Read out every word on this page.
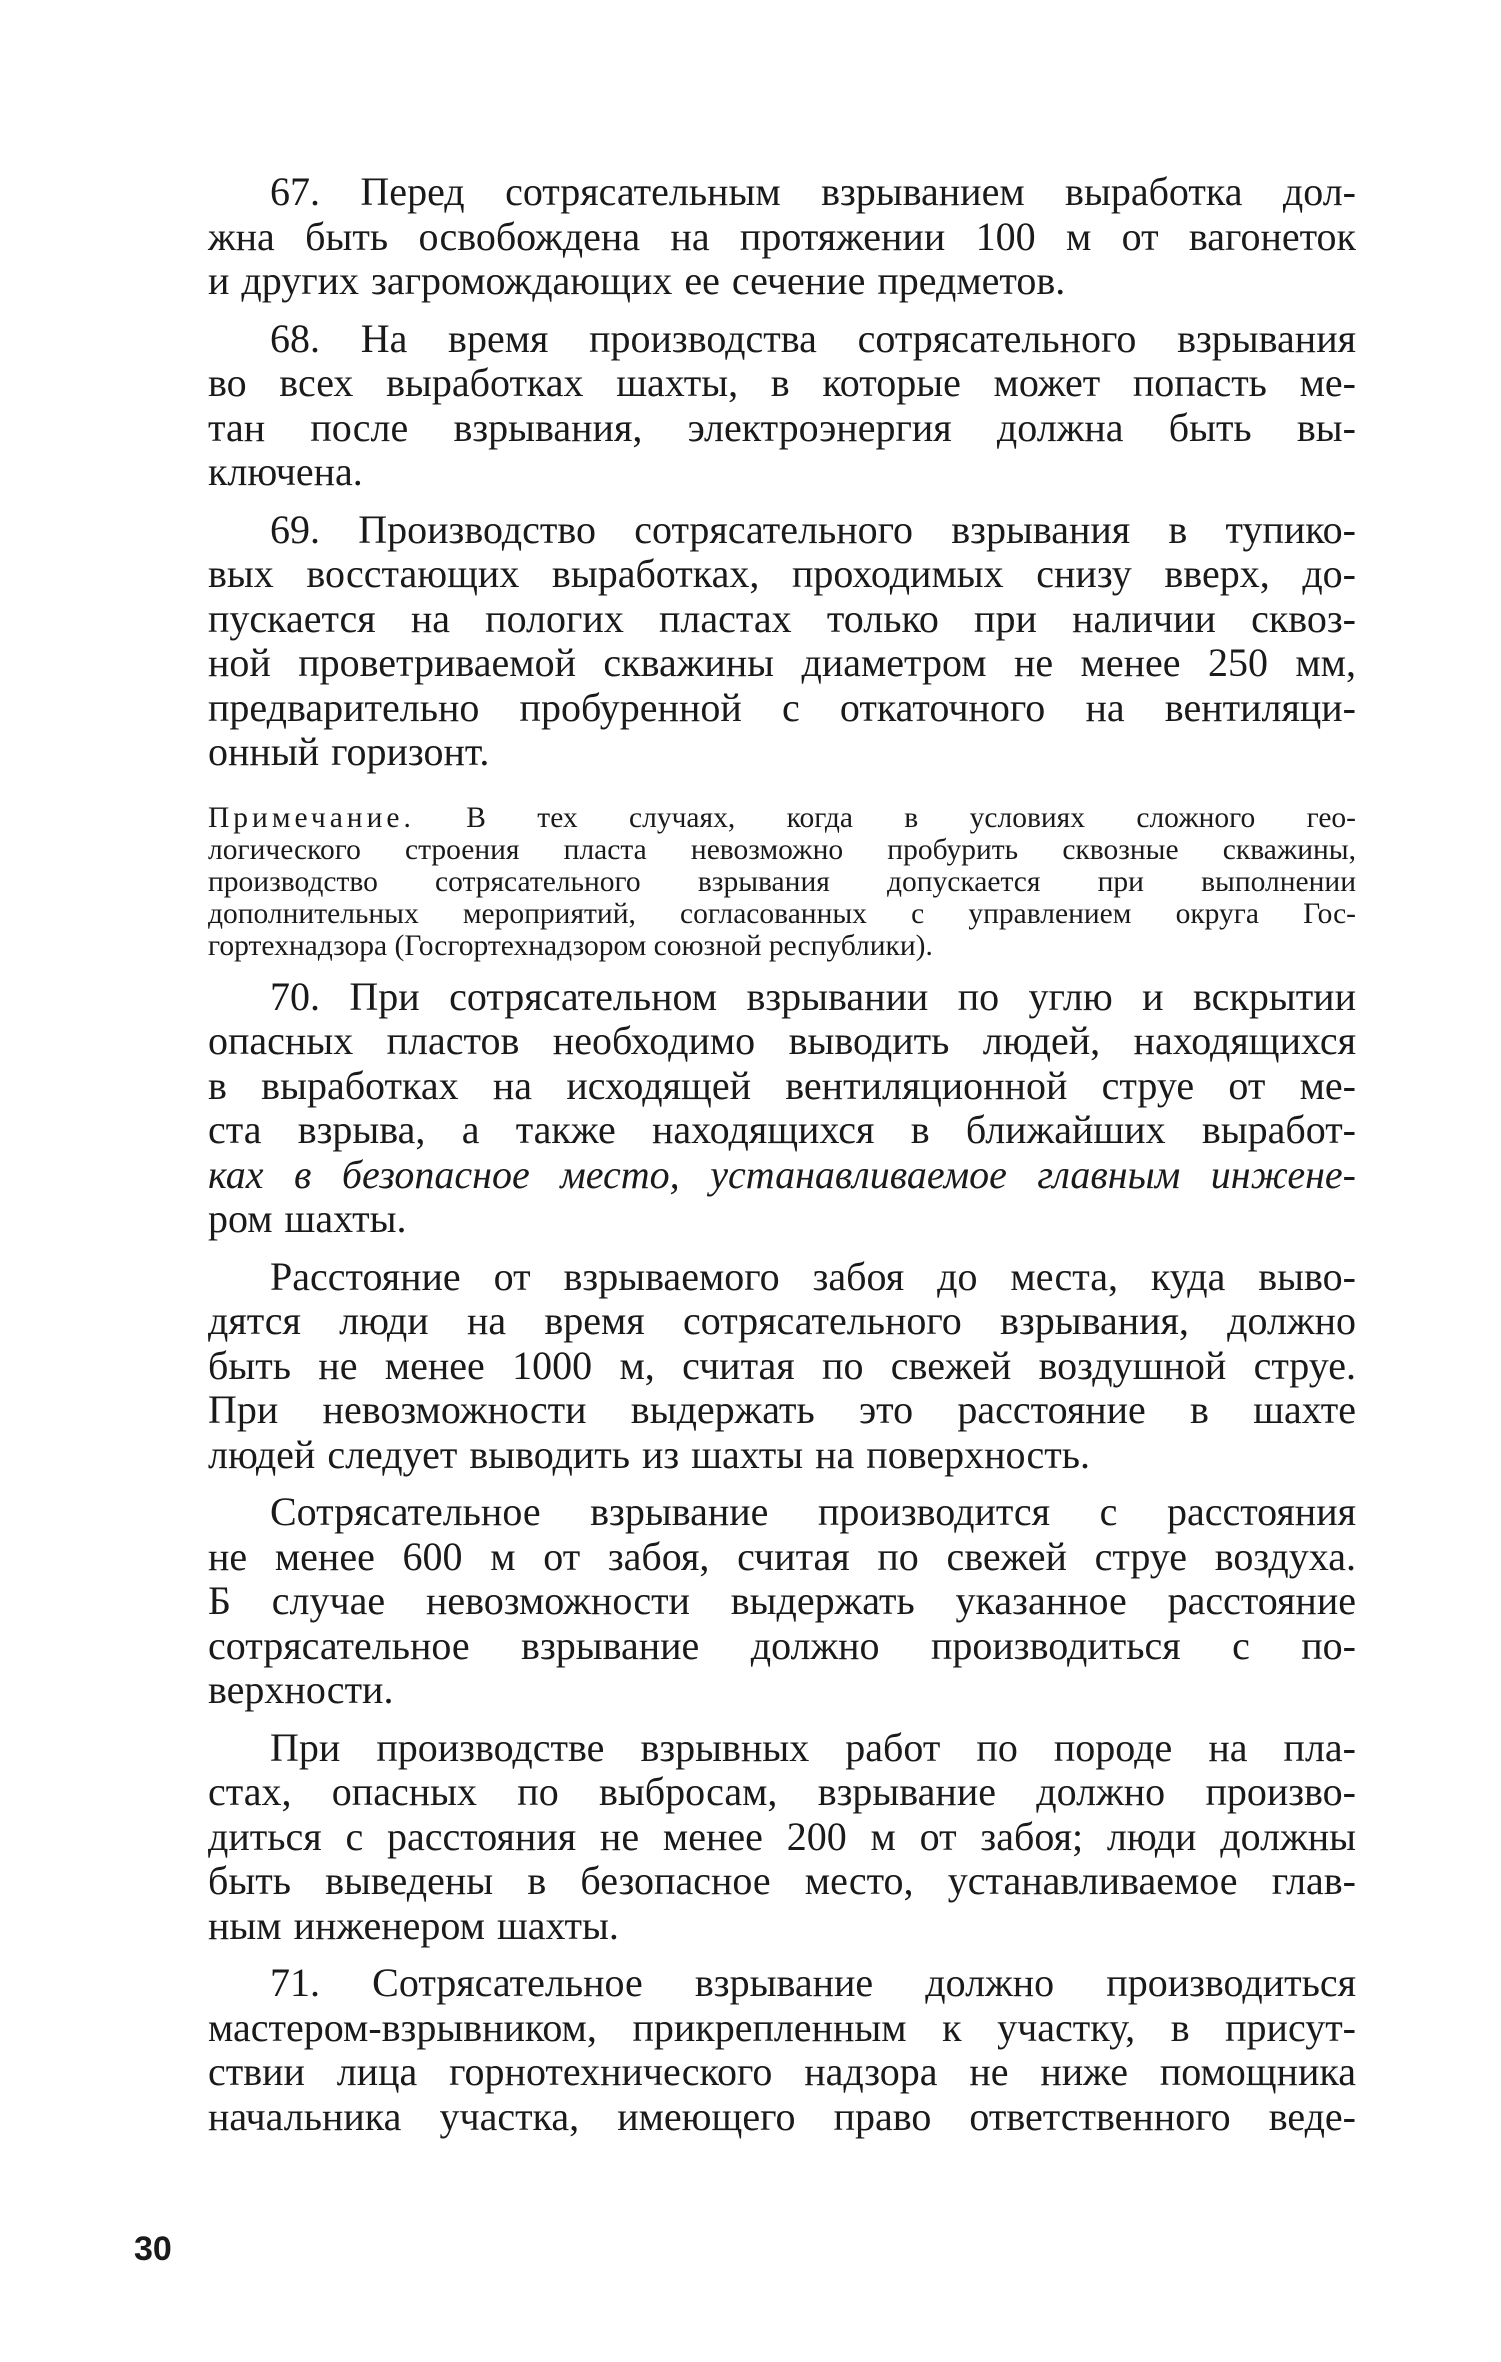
67. Перед сотрясательным взрыванием выработка дол-
жна быть освобождена на протяжении 100 м от вагонеток
и других загромождающих ее сечение предметов.
68. На время производства сотрясательного взрывания
во всех выработках шахты, в которые может попасть ме-
тан после взрывания, электроэнергия должна быть вы-
ключена.
69. Производство сотрясательного взрывания в тупико-
вых восстающих выработках, проходимых снизу вверх, до-
пускается на пологих пластах только при наличии сквоз-
ной проветриваемой скважины диаметром не менее 250 мм,
предварительно пробуренной с откаточного на вентиляци-
онный горизонт.
Примечание. В тех случаях, когда в условиях сложного гео-
логического строения пласта невозможно пробурить сквозные скважины,
производство сотрясательного взрывания допускается при выполнении
дополнительных мероприятий, согласованных с управлением округа Гос-
гортехнадзора (Госгортехнадзором союзной республики).
70. При сотрясательном взрывании по углю и вскрытии
опасных пластов необходимо выводить людей, находящихся
в выработках на исходящей вентиляционной струе от ме-
ста взрыва, а также находящихся в ближайших выработ-
ках в безопасное место, устанавливаемое главным инжене-
ром шахты.
Расстояние от взрываемого забоя до места, куда выво-
дятся люди на время сотрясательного взрывания, должно
быть не менее 1000 м, считая по свежей воздушной струе.
При невозможности выдержать это расстояние в шахте
людей следует выводить из шахты на поверхность.
Сотрясательное взрывание производится с расстояния
не менее 600 м от забоя, считая по свежей струе воздуха.
Б случае невозможности выдержать указанное расстояние
сотрясательное взрывание должно производиться с по-
верхности.
При производстве взрывных работ по породе на пла-
стах, опасных по выбросам, взрывание должно произво-
диться с расстояния не менее 200 м от забоя; люди должны
быть выведены в безопасное место, устанавливаемое глав-
ным инженером шахты.
71. Сотрясательное взрывание должно производиться
мастером-взрывником, прикрепленным к участку, в присут-
ствии лица горнотехнического надзора не ниже помощника
начальника участка, имеющего право ответственного веде-
30
